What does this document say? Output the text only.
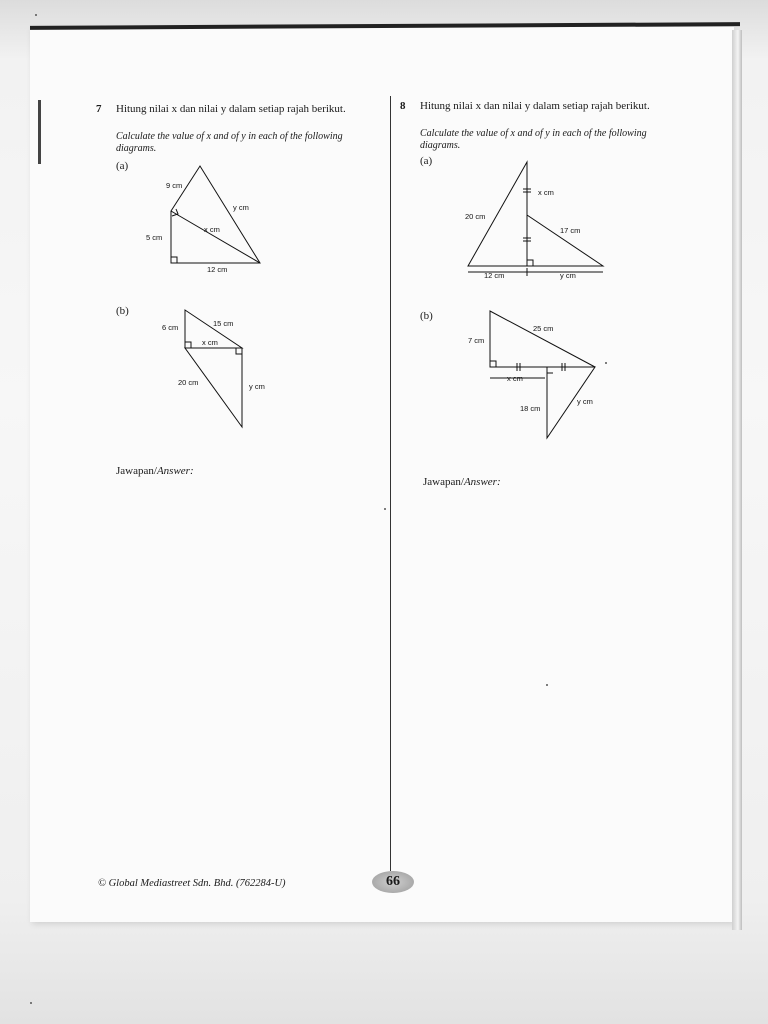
7 Hitung nilai x dan nilai y dalam setiap rajah berikut.
Calculate the value of x and of y in each of the following diagrams.
(a)
(b)
9 cm
y cm
x cm
5 cm
12 cm
6 cm	15 cm
x cm
20 cm	y cm
Jawapan/Answer:
8 Hitung nilai x dan nilai y dalam setiap rajah berikut.
Calculate the value of x and of y in each of the following diagrams.
(a)
(b)
x cm
20 cm
17 cm
12 cm	y cm
25 cm
7 cm
x cm
18 cm
y cm
Jawapan/Answer:
© Global Mediastreet Sdn. Bhd. (762284-U)	66
